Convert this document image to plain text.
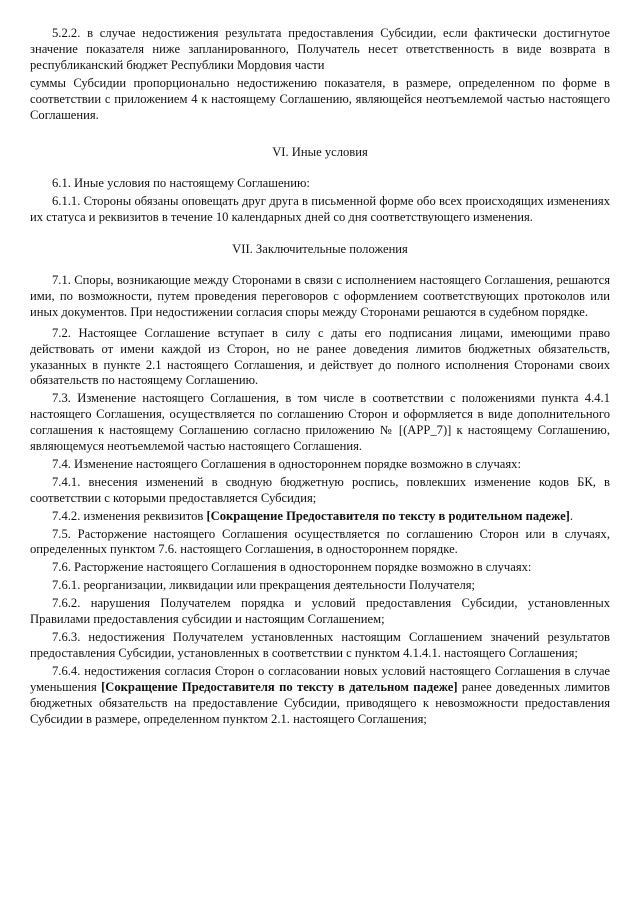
5.2.2. в случае недостижения результата предоставления Субсидии, если фактически достигнутое значение показателя ниже запланированного, Получатель несет ответственность в виде возврата в республиканский бюджет Республики Мордовия части

суммы Субсидии пропорционально недостижению показателя, в размере, определенном по форме в соответствии с приложением 4 к настоящему Соглашению, являющейся неотъемлемой частью настоящего Соглашения.

VI. Иные условия

6.1. Иные условия по настоящему Соглашению:

6.1.1. Стороны обязаны оповещать друг друга в письменной форме обо всех происходящих изменениях их статуса и реквизитов в течение 10 календарных дней со дня соответствующего изменения.

VII. Заключительные положения

7.1. Споры, возникающие между Сторонами в связи с исполнением настоящего Соглашения, решаются ими, по возможности, путем проведения переговоров с оформлением соответствующих протоколов или иных документов. При недостижении согласия споры между Сторонами решаются в судебном порядке.

7.2. Настоящее Соглашение вступает в силу с даты его подписания лицами, имеющими право действовать от имени каждой из Сторон, но не ранее доведения лимитов бюджетных обязательств, указанных в пункте 2.1 настоящего Соглашения, и действует до полного исполнения Сторонами своих обязательств по настоящему Соглашению.

7.3. Изменение настоящего Соглашения, в том числе в соответствии с положениями пункта 4.4.1 настоящего Соглашения, осуществляется по соглашению Сторон и оформляется в виде дополнительного соглашения к настоящему Соглашению согласно приложению № [(APP_7)] к настоящему Соглашению, являющемуся неотъемлемой частью настоящего Соглашения.

7.4. Изменение настоящего Соглашения в одностороннем порядке возможно в случаях:

7.4.1. внесения изменений в сводную бюджетную роспись, повлекших изменение кодов БК, в соответствии с которыми предоставляется Субсидия;

7.4.2. изменения реквизитов [Сокращение Предоставителя по тексту в родительном падеже].

7.5. Расторжение настоящего Соглашения осуществляется по соглашению Сторон или в случаях, определенных пунктом 7.6. настоящего Соглашения, в одностороннем порядке.

7.6. Расторжение настоящего Соглашения в одностороннем порядке возможно в случаях:

7.6.1. реорганизации, ликвидации или прекращения деятельности Получателя;

7.6.2. нарушения Получателем порядка и условий предоставления Субсидии, установленных Правилами предоставления субсидии и настоящим Соглашением;

7.6.3. недостижения Получателем установленных настоящим Соглашением значений результатов предоставления Субсидии, установленных в соответствии с пунктом 4.1.4.1. настоящего Соглашения;

7.6.4. недостижения согласия Сторон о согласовании новых условий настоящего Соглашения в случае уменьшения [Сокращение Предоставителя по тексту в дательном падеже] ранее доведенных лимитов бюджетных обязательств на предоставление Субсидии, приводящего к невозможности предоставления Субсидии в размере, определенном пунктом 2.1. настоящего Соглашения;
